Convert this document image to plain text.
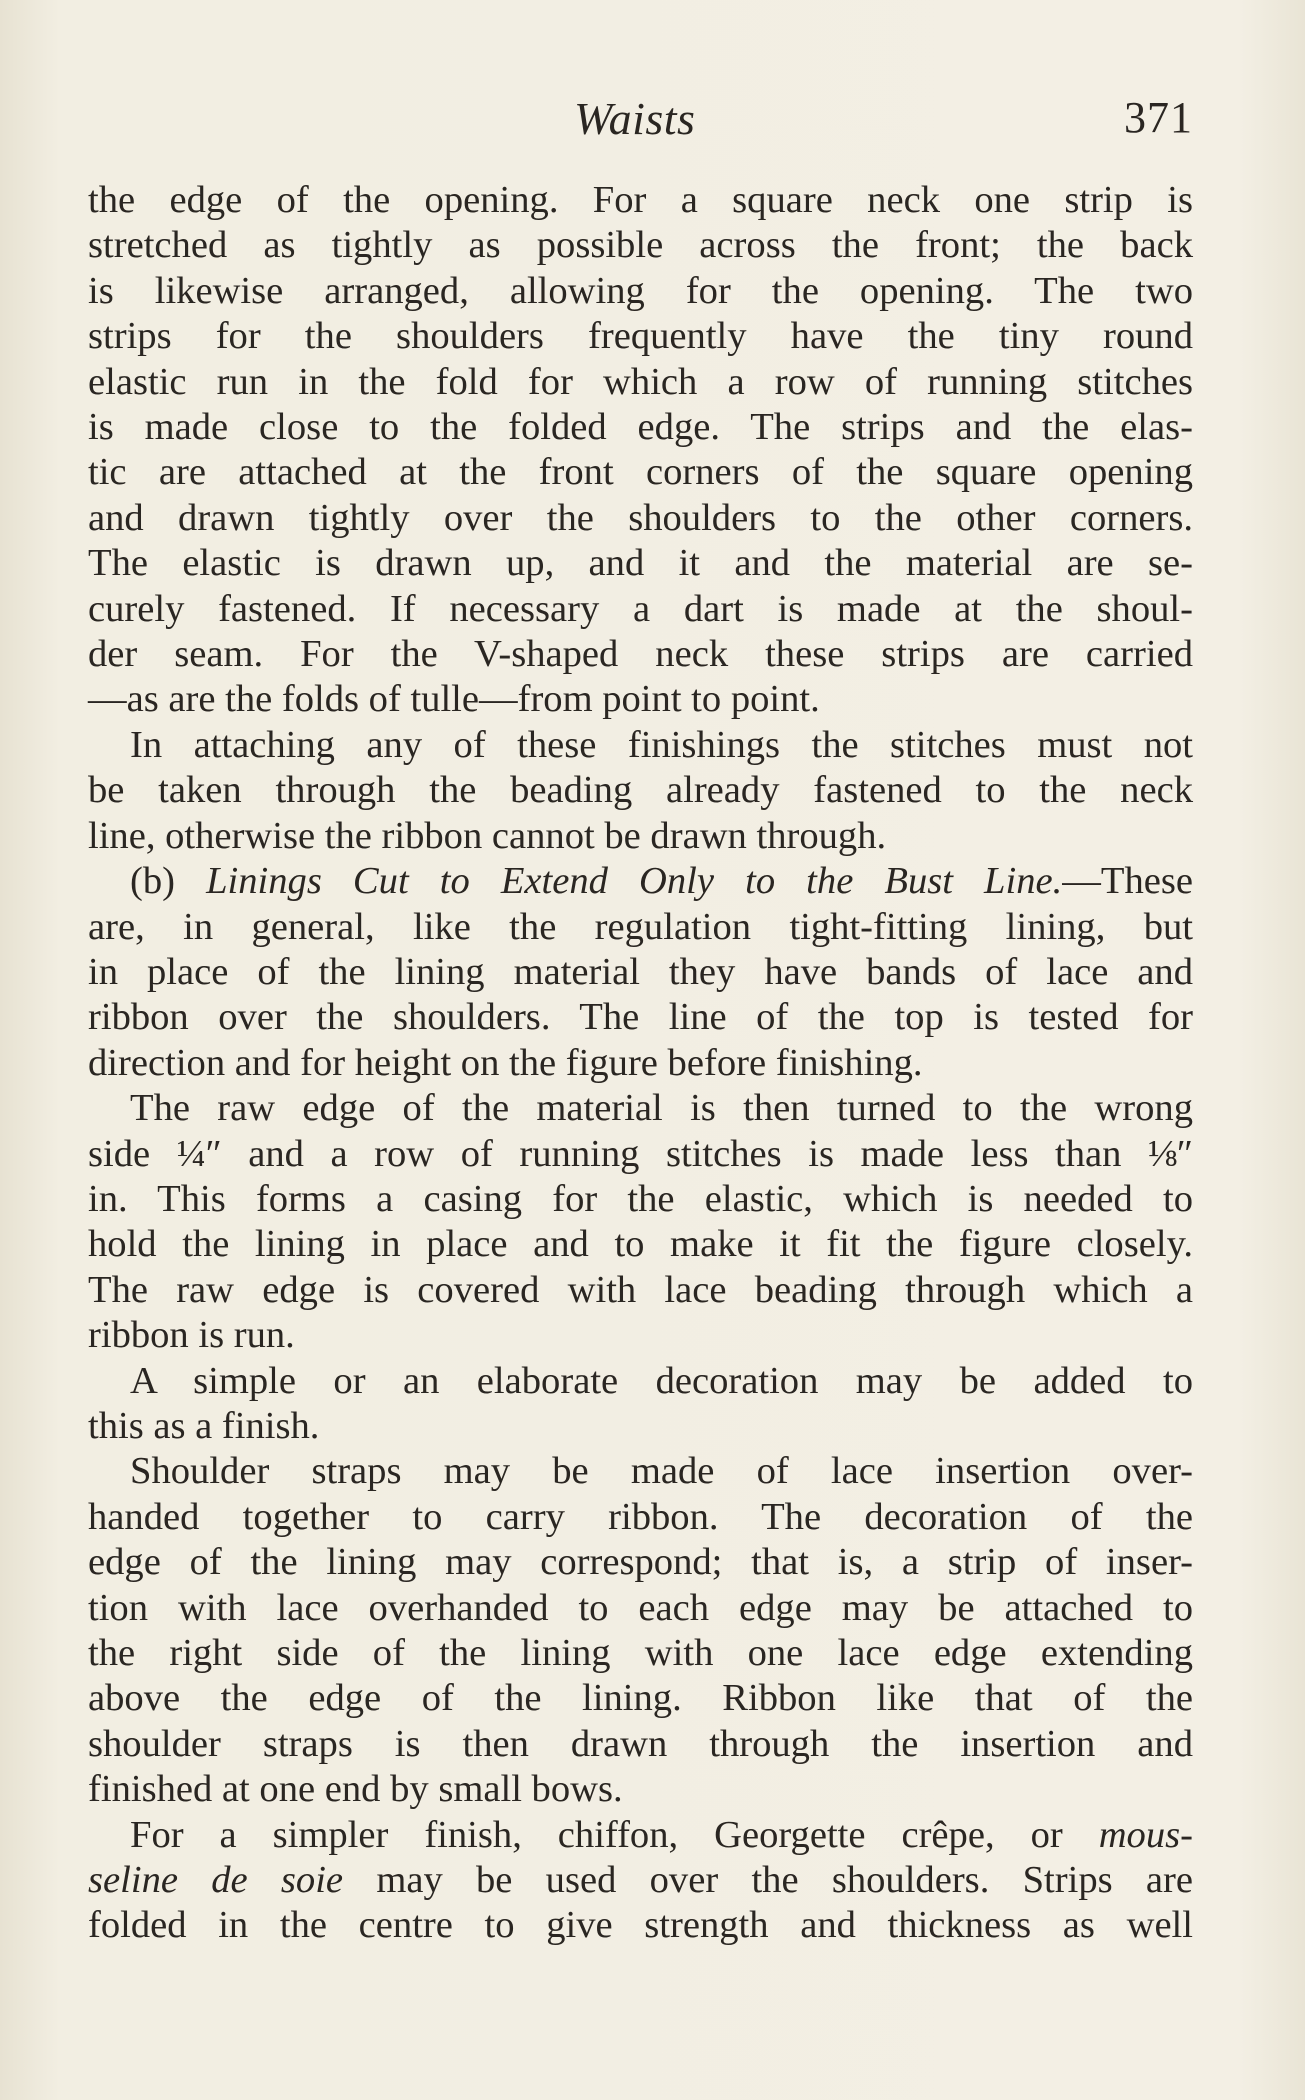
Waists	371

the edge of the opening. For a square neck one strip is
stretched as tightly as possible across the front; the back
is likewise arranged, allowing for the opening. The two
strips for the shoulders frequently have the tiny round
elastic run in the fold for which a row of running stitches
is made close to the folded edge. The strips and the elas-
tic are attached at the front corners of the square opening
and drawn tightly over the shoulders to the other corners.
The elastic is drawn up, and it and the material are se-
curely fastened. If necessary a dart is made at the shoul-
der seam. For the V-shaped neck these strips are carried
—as are the folds of tulle—from point to point.

In attaching any of these finishings the stitches must not
be taken through the beading already fastened to the neck
line, otherwise the ribbon cannot be drawn through.

(b) Linings Cut to Extend Only to the Bust Line.—These
are, in general, like the regulation tight-fitting lining, but
in place of the lining material they have bands of lace and
ribbon over the shoulders. The line of the top is tested for
direction and for height on the figure before finishing.

The raw edge of the material is then turned to the wrong
side ¼″ and a row of running stitches is made less than ⅛″
in. This forms a casing for the elastic, which is needed to
hold the lining in place and to make it fit the figure closely.
The raw edge is covered with lace beading through which a
ribbon is run.

A simple or an elaborate decoration may be added to
this as a finish.

Shoulder straps may be made of lace insertion over-
handed together to carry ribbon. The decoration of the
edge of the lining may correspond; that is, a strip of inser-
tion with lace overhanded to each edge may be attached to
the right side of the lining with one lace edge extending
above the edge of the lining. Ribbon like that of the
shoulder straps is then drawn through the insertion and
finished at one end by small bows.

For a simpler finish, chiffon, Georgette crêpe, or mous-
seline de soie may be used over the shoulders. Strips are
folded in the centre to give strength and thickness as well
